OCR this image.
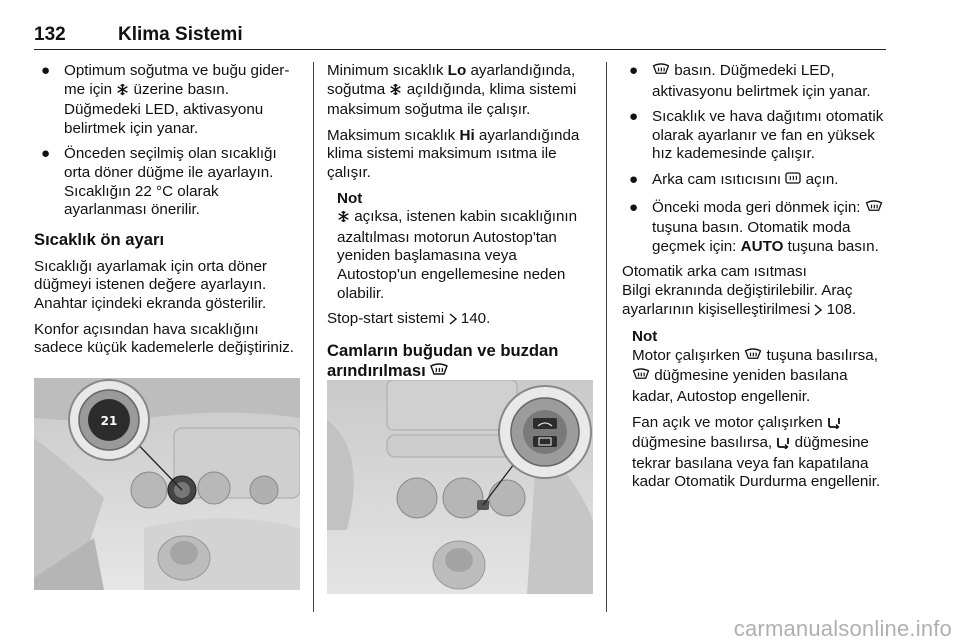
132	Klima Sistemi
● Optimum soğutma ve buğu giderme için  üzerine basın. Düğmedeki LED, aktivasyonu belirtmek için yanar.
● Önceden seçilmiş olan sıcaklığı orta döner düğme ile ayarlayın. Sıcaklığın 22 °C olarak ayarlanması önerilir.
Sıcaklık ön ayarı

Sıcaklığı ayarlamak için orta döner düğmeyi istenen değere ayarlayın. Anahtar içindeki ekranda gösterilir.

Konfor açısından hava sıcaklığını sadece küçük kademelerle değiştiriniz.

21

Minimum sıcaklık Lo ayarlandığında, soğutma  açıldığında, klima sistemi maksimum soğutma ile çalışır.

Maksimum sıcaklık Hi ayarlandığında klima sistemi maksimum ısıtma ile çalışır.

Not
açıksa, istenen kabin sıcaklığının azaltılması motorun Autostop'tan yeniden başlamasına veya Autostop'un engellemesine neden olabilir.

Stop-start sistemi  140.

Camların buğudan ve buzdan arındırılması
● basın. Düğmedeki LED, aktivasyonu belirtmek için yanar.
● Sıcaklık ve hava dağıtımı otomatik olarak ayarlanır ve fan en yüksek hız kademesinde çalışır.
● Arka cam ısıtıcısını  açın.
● Önceki moda geri dönmek için:  tuşuna basın. Otomatik moda geçmek için: AUTO tuşuna basın.

Otomatik arka cam ısıtması
Bilgi ekranında değiştirilebilir. Araç ayarlarının kişiselleştirilmesi  108.

Not

Motor çalışırken  tuşuna basılırsa,  düğmesine yeniden basılana kadar, Autostop engellenir.

Fan açık ve motor çalışırken  düğmesine basılırsa,  düğmesine tekrar basılana veya fan kapatılana kadar Otomatik Durdurma engellenir.

carmanualsonline.info
